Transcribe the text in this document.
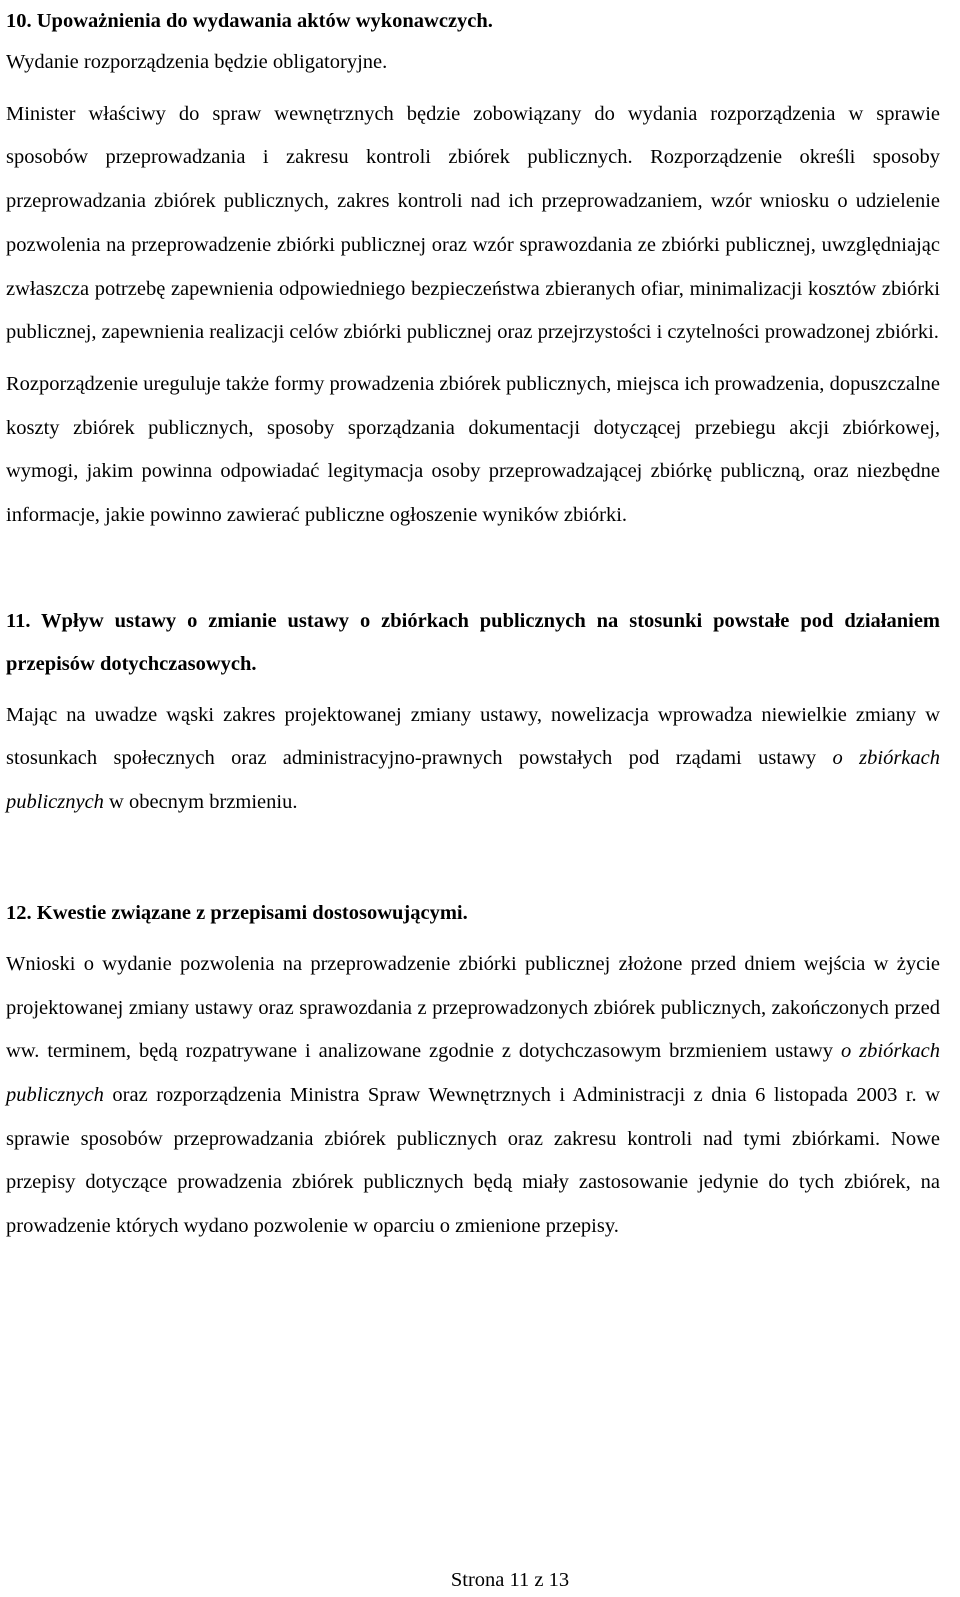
10. Upoważnienia do wydawania aktów wykonawczych.

Wydanie rozporządzenia będzie obligatoryjne.

Minister właściwy do spraw wewnętrznych będzie zobowiązany do wydania rozporządzenia w sprawie sposobów przeprowadzania i zakresu kontroli zbiórek publicznych. Rozporządzenie określi sposoby przeprowadzania zbiórek publicznych, zakres kontroli nad ich przeprowadzaniem, wzór wniosku o udzielenie pozwolenia na przeprowadzenie zbiórki publicznej oraz wzór sprawozdania ze zbiórki publicznej, uwzględniając zwłaszcza potrzebę zapewnienia odpowiedniego bezpieczeństwa zbieranych ofiar, minimalizacji kosztów zbiórki publicznej, zapewnienia realizacji celów zbiórki publicznej oraz przejrzystości i czytelności prowadzonej zbiórki.

Rozporządzenie ureguluje także formy prowadzenia zbiórek publicznych, miejsca ich prowadzenia, dopuszczalne koszty zbiórek publicznych, sposoby sporządzania dokumentacji dotyczącej przebiegu akcji zbiórkowej, wymogi, jakim powinna odpowiadać legitymacja osoby przeprowadzającej zbiórkę publiczną, oraz niezbędne informacje, jakie powinno zawierać publiczne ogłoszenie wyników zbiórki.

11. Wpływ ustawy o zmianie ustawy o zbiórkach publicznych na stosunki powstałe pod działaniem przepisów dotychczasowych.

Mając na uwadze wąski zakres projektowanej zmiany ustawy, nowelizacja wprowadza niewielkie zmiany w stosunkach społecznych oraz administracyjno-prawnych powstałych pod rządami ustawy o zbiórkach publicznych w obecnym brzmieniu.

12. Kwestie związane z przepisami dostosowującymi.

Wnioski o wydanie pozwolenia na przeprowadzenie zbiórki publicznej złożone przed dniem wejścia w życie projektowanej zmiany ustawy oraz sprawozdania z przeprowadzonych zbiórek publicznych, zakończonych przed ww. terminem, będą rozpatrywane i analizowane zgodnie z dotychczasowym brzmieniem ustawy o zbiórkach publicznych oraz rozporządzenia Ministra Spraw Wewnętrznych i Administracji z dnia 6 listopada 2003 r. w sprawie sposobów przeprowadzania zbiórek publicznych oraz zakresu kontroli nad tymi zbiórkami. Nowe przepisy dotyczące prowadzenia zbiórek publicznych będą miały zastosowanie jedynie do tych zbiórek, na prowadzenie których wydano pozwolenie w oparciu o zmienione przepisy.

Strona 11 z 13
